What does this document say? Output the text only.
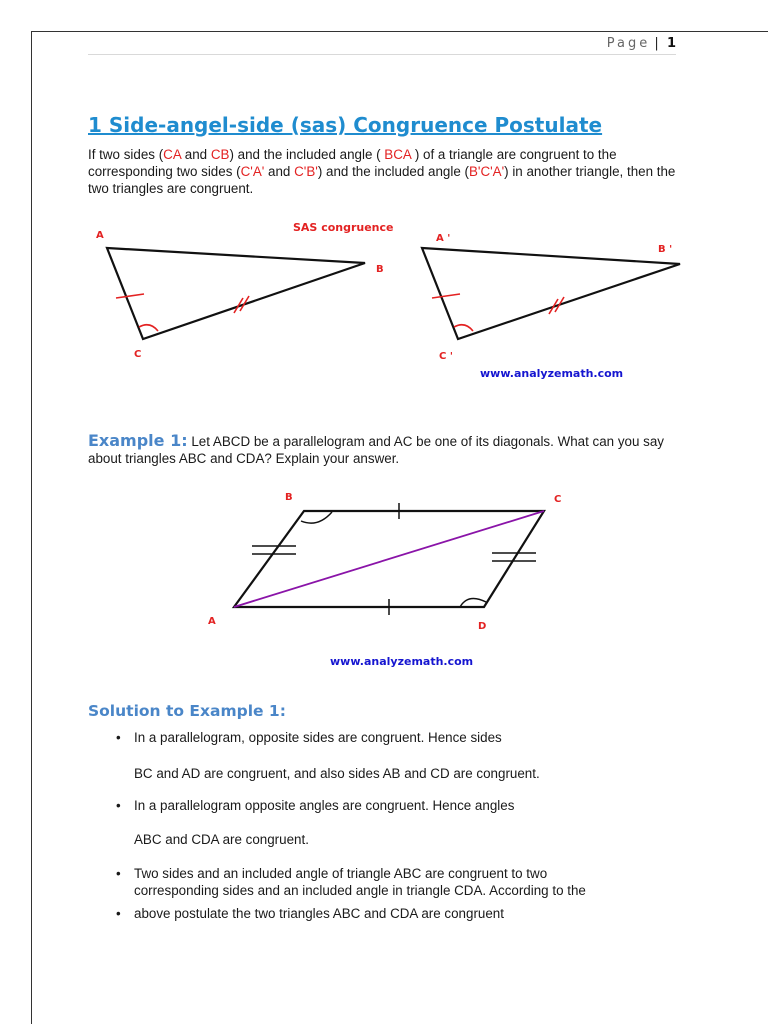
Page | 1
1 Side-angel-side (sas) Congruence Postulate

If two sides (CA and CB) and the included angle ( BCA ) of a triangle are congruent to the corresponding two sides (C'A' and C'B') and the included angle (B'C'A') in another triangle, then the two triangles are congruent.

SAS congruence
A
B
C
A '
B '
C '
www.analyzemath.com

Example 1: Let ABCD be a parallelogram and AC be one of its diagonals. What can you say about triangles ABC and CDA? Explain your answer.

B	C
A	D
www.analyzemath.com
Solution to Example 1:
• In a parallelogram, opposite sides are congruent. Hence sides
BC and AD are congruent, and also sides AB and CD are congruent.
• In a parallelogram opposite angles are congruent. Hence angles
ABC and CDA are congruent.
• Two sides and an included angle of triangle ABC are congruent to two
corresponding sides and an included angle in triangle CDA. According to the
• above postulate the two triangles ABC and CDA are congruent
